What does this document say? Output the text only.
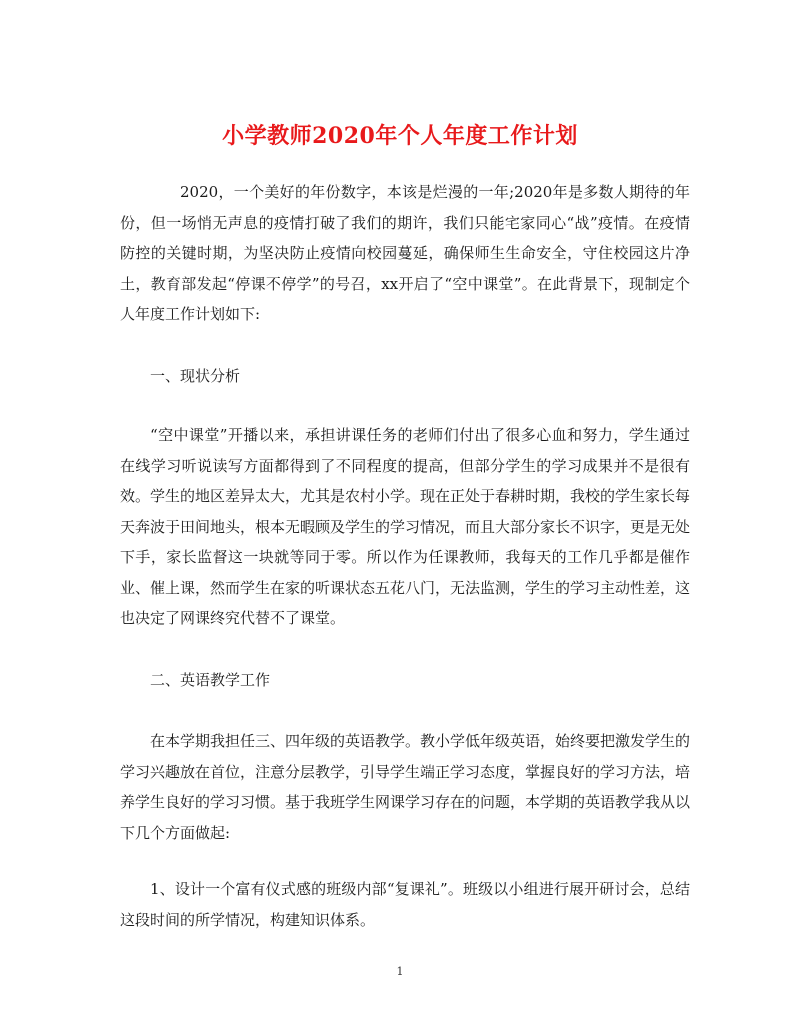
小学教师2020年个人年度工作计划

2020，一个美好的年份数字，本该是烂漫的一年;2020年是多数人期待的年份，但一场悄无声息的疫情打破了我们的期许，我们只能宅家同心“战”疫情。在疫情防控的关键时期，为坚决防止疫情向校园蔓延，确保师生生命安全，守住校园这片净土，教育部发起“停课不停学”的号召，xx开启了“空中课堂”。在此背景下，现制定个人年度工作计划如下:

一、现状分析

“空中课堂”开播以来，承担讲课任务的老师们付出了很多心血和努力，学生通过在线学习听说读写方面都得到了不同程度的提高，但部分学生的学习成果并不是很有效。学生的地区差异太大，尤其是农村小学。现在正处于春耕时期，我校的学生家长每天奔波于田间地头，根本无暇顾及学生的学习情况，而且大部分家长不识字，更是无处下手，家长监督这一块就等同于零。所以作为任课教师，我每天的工作几乎都是催作业、催上课，然而学生在家的听课状态五花八门，无法监测，学生的学习主动性差，这也决定了网课终究代替不了课堂。

二、英语教学工作

在本学期我担任三、四年级的英语教学。教小学低年级英语，始终要把激发学生的学习兴趣放在首位，注意分层教学，引导学生端正学习态度，掌握良好的学习方法，培养学生良好的学习习惯。基于我班学生网课学习存在的问题，本学期的英语教学我从以下几个方面做起:

1、设计一个富有仪式感的班级内部“复课礼”。班级以小组进行展开研讨会，总结这段时间的所学情况，构建知识体系。

1
